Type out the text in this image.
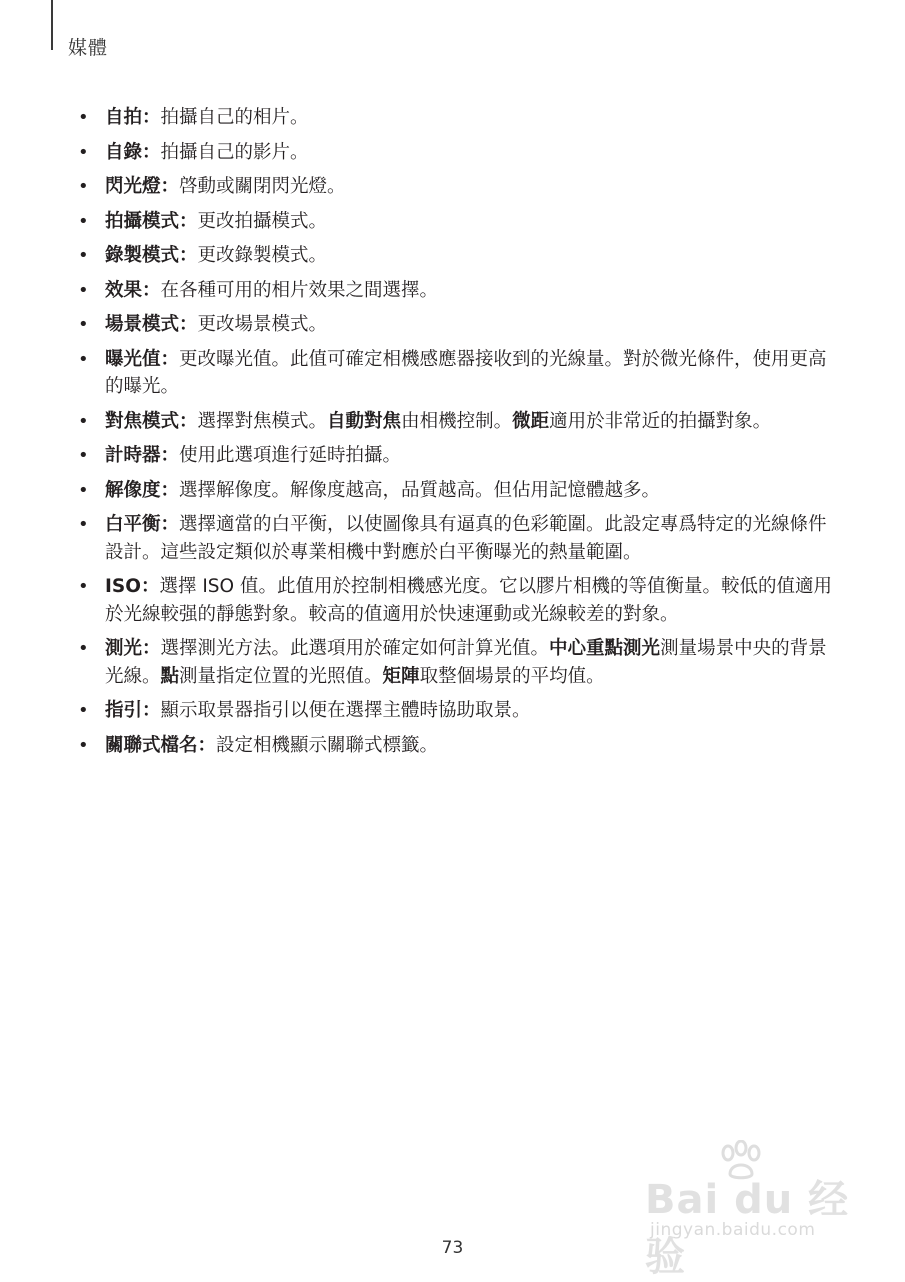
媒體
• 自拍：拍攝自己的相片。
• 自錄：拍攝自己的影片。
• 閃光燈：啓動或關閉閃光燈。
• 拍攝模式：更改拍攝模式。
• 錄製模式：更改錄製模式。
• 效果：在各種可用的相片效果之間選擇。
• 場景模式：更改場景模式。
• 曝光值：更改曝光值。此值可確定相機感應器接收到的光線量。對於微光條件，使用更高的曝光。
• 對焦模式：選擇對焦模式。自動對焦由相機控制。微距適用於非常近的拍攝對象。
• 計時器：使用此選項進行延時拍攝。
• 解像度：選擇解像度。解像度越高，品質越高。但佔用記憶體越多。
• 白平衡：選擇適當的白平衡，以使圖像具有逼真的色彩範圍。此設定專爲特定的光線條件設計。這些設定類似於專業相機中對應於白平衡曝光的熱量範圍。
• ISO：選擇 ISO 值。此值用於控制相機感光度。它以膠片相機的等值衡量。較低的值適用於光線較强的靜態對象。較高的值適用於快速運動或光線較差的對象。
• 測光：選擇測光方法。此選項用於確定如何計算光值。中心重點測光測量場景中央的背景光線。點測量指定位置的光照值。矩陣取整個場景的平均值。
• 指引：顯示取景器指引以便在選擇主體時協助取景。
• 關聯式檔名：設定相機顯示關聯式標籤。
73
Bai du 经验
jingyan.baidu.com
